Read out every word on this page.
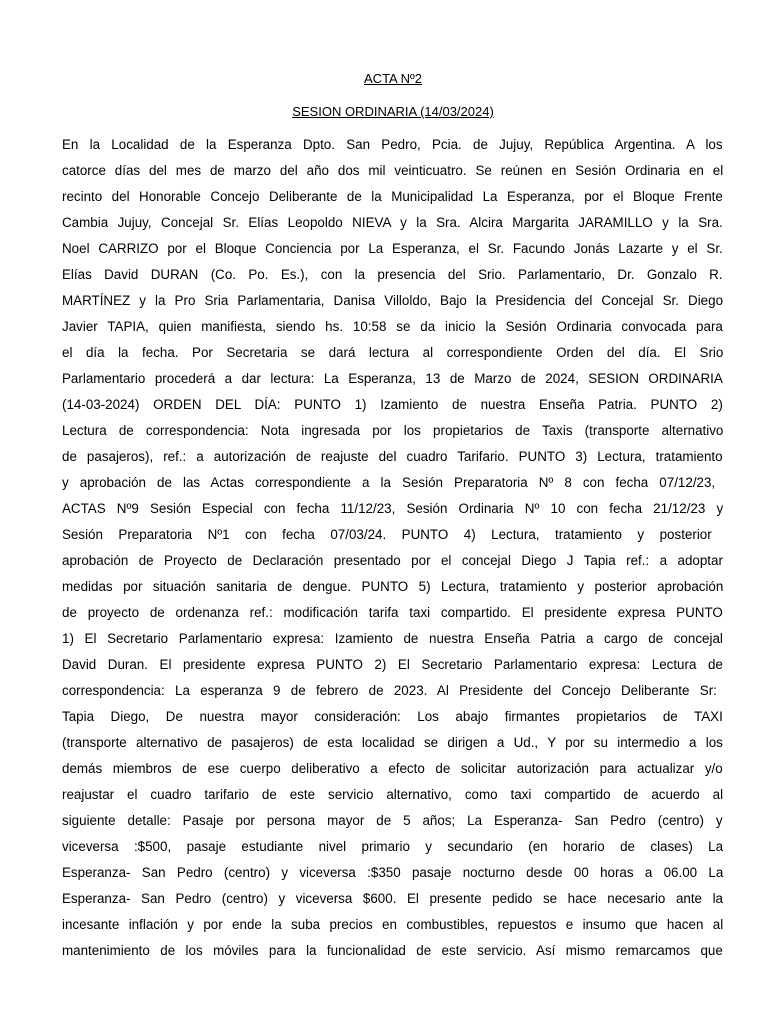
ACTA Nº2
SESION ORDINARIA (14/03/2024)
En la Localidad de la Esperanza Dpto. San Pedro, Pcia. de Jujuy, República Argentina. A los
catorce días del mes de marzo del año dos mil veinticuatro. Se reúnen en Sesión Ordinaria en el
recinto del Honorable Concejo Deliberante de la Municipalidad La Esperanza, por el Bloque Frente
Cambia Jujuy, Concejal Sr. Elías Leopoldo NIEVA y la Sra. Alcira Margarita JARAMILLO y la Sra.
Noel CARRIZO por el Bloque Conciencia por La Esperanza, el Sr. Facundo Jonás Lazarte y el Sr.
Elías David DURAN (Co. Po. Es.), con la presencia del Srio. Parlamentario, Dr. Gonzalo R.
MARTÍNEZ y la Pro Sria Parlamentaria, Danisa Villoldo, Bajo la Presidencia del Concejal Sr. Diego
Javier TAPIA, quien manifiesta, siendo hs. 10:58 se da inicio la Sesión Ordinaria convocada para
el día la fecha. Por Secretaria se dará lectura al correspondiente Orden del día. El Srio
Parlamentario procederá a dar lectura: La Esperanza, 13 de Marzo de 2024, SESION ORDINARIA
(14-03-2024) ORDEN DEL DÍA: PUNTO 1) Izamiento de nuestra Enseña Patria. PUNTO 2)
Lectura de correspondencia: Nota ingresada por los propietarios de Taxis (transporte alternativo
de pasajeros), ref.: a autorización de reajuste del cuadro Tarifario. PUNTO 3) Lectura, tratamiento
y aprobación de las Actas correspondiente a la Sesión Preparatoria Nº 8 con fecha 07/12/23,
ACTAS Nº9 Sesión Especial con fecha 11/12/23, Sesión Ordinaria Nº 10 con fecha 21/12/23 y
Sesión Preparatoria Nº1 con fecha 07/03/24. PUNTO 4) Lectura, tratamiento y posterior
aprobación de Proyecto de Declaración presentado por el concejal Diego J Tapia ref.: a adoptar
medidas por situación sanitaria de dengue. PUNTO 5) Lectura, tratamiento y posterior aprobación
de proyecto de ordenanza ref.: modificación tarifa taxi compartido. El presidente expresa PUNTO
1) El Secretario Parlamentario expresa: Izamiento de nuestra Enseña Patria a cargo de concejal
David Duran. El presidente expresa PUNTO 2) El Secretario Parlamentario expresa: Lectura de
correspondencia: La esperanza 9 de febrero de 2023. Al Presidente del Concejo Deliberante Sr:
Tapia Diego, De nuestra mayor consideración: Los abajo firmantes propietarios de TAXI
(transporte alternativo de pasajeros) de esta localidad se dirigen a Ud., Y por su intermedio a los
demás miembros de ese cuerpo deliberativo a efecto de solicitar autorización para actualizar y/o
reajustar el cuadro tarifario de este servicio alternativo, como taxi compartido de acuerdo al
siguiente detalle: Pasaje por persona mayor de 5 años; La Esperanza- San Pedro (centro) y
viceversa :$500, pasaje estudiante nivel primario y secundario (en horario de clases) La
Esperanza- San Pedro (centro) y viceversa :$350 pasaje nocturno desde 00 horas a 06.00 La
Esperanza- San Pedro (centro) y viceversa $600. El presente pedido se hace necesario ante la
incesante inflación y por ende la suba precios en combustibles, repuestos e insumo que hacen al
mantenimiento de los móviles para la funcionalidad de este servicio. Así mismo remarcamos que
